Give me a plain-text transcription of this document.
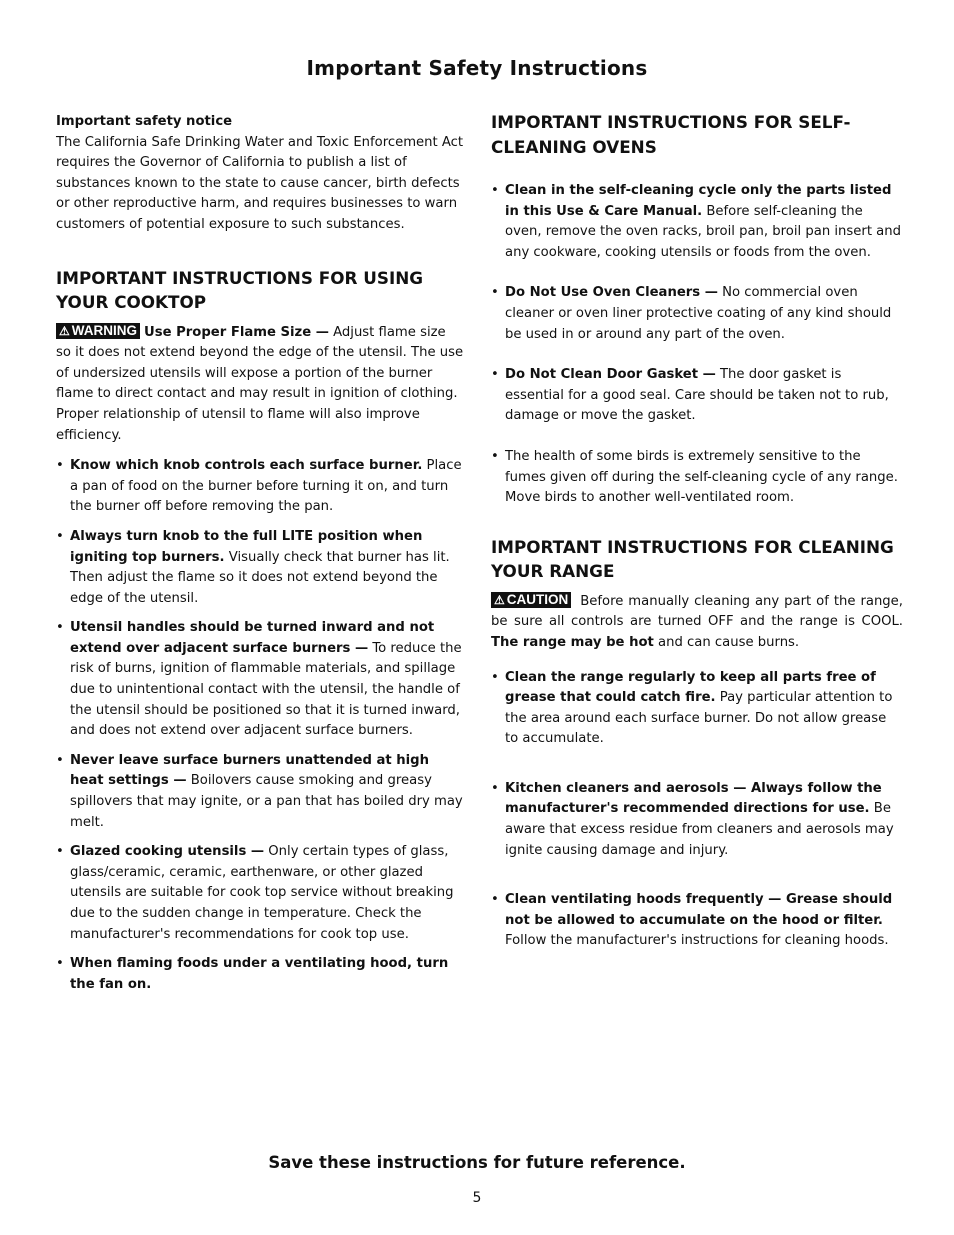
Important Safety Instructions
Important safety notice

The California Safe Drinking Water and Toxic Enforcement Act requires the Governor of California to publish a list of substances known to the state to cause cancer, birth defects or other reproductive harm, and requires businesses to warn customers of potential exposure to such substances.

IMPORTANT INSTRUCTIONS FOR USING YOUR COOKTOP

⚠ WARNING Use Proper Flame Size — Adjust flame size so it does not extend beyond the edge of the utensil. The use of undersized utensils will expose a portion of the burner flame to direct contact and may result in ignition of clothing. Proper relationship of utensil to flame will also improve efficiency.

• Know which knob controls each surface burner. Place a pan of food on the burner before turning it on, and turn the burner off before removing the pan.
• Always turn knob to the full LITE position when igniting top burners. Visually check that burner has lit. Then adjust the flame so it does not extend beyond the edge of the utensil.
• Utensil handles should be turned inward and not extend over adjacent surface burners — To reduce the risk of burns, ignition of flammable materials, and spillage due to unintentional contact with the utensil, the handle of the utensil should be positioned so that it is turned inward, and does not extend over adjacent surface burners.
• Never leave surface burners unattended at high heat settings — Boilovers cause smoking and greasy spillovers that may ignite, or a pan that has boiled dry may melt.
• Glazed cooking utensils — Only certain types of glass, glass/ceramic, ceramic, earthenware, or other glazed utensils are suitable for cook top service without breaking due to the sudden change in temperature. Check the manufacturer's recommendations for cook top use.
• When flaming foods under a ventilating hood, turn the fan on.
IMPORTANT INSTRUCTIONS FOR SELF-CLEANING OVENS
• Clean in the self-cleaning cycle only the parts listed in this Use & Care Manual. Before self-cleaning the oven, remove the oven racks, broil pan, broil pan insert and any cookware, cooking utensils or foods from the oven.
• Do Not Use Oven Cleaners — No commercial oven cleaner or oven liner protective coating of any kind should be used in or around any part of the oven.
• Do Not Clean Door Gasket — The door gasket is essential for a good seal. Care should be taken not to rub, damage or move the gasket.
• The health of some birds is extremely sensitive to the fumes given off during the self-cleaning cycle of any range. Move birds to another well-ventilated room.
IMPORTANT INSTRUCTIONS FOR CLEANING YOUR RANGE

⚠ CAUTION Before manually cleaning any part of the range, be sure all controls are turned OFF and the range is COOL. The range may be hot and can cause burns.

• Clean the range regularly to keep all parts free of grease that could catch fire. Pay particular attention to the area around each surface burner. Do not allow grease to accumulate.
• Kitchen cleaners and aerosols — Always follow the manufacturer's recommended directions for use. Be aware that excess residue from cleaners and aerosols may ignite causing damage and injury.
• Clean ventilating hoods frequently — Grease should not be allowed to accumulate on the hood or filter. Follow the manufacturer's instructions for cleaning hoods.
Save these instructions for future reference.
5
